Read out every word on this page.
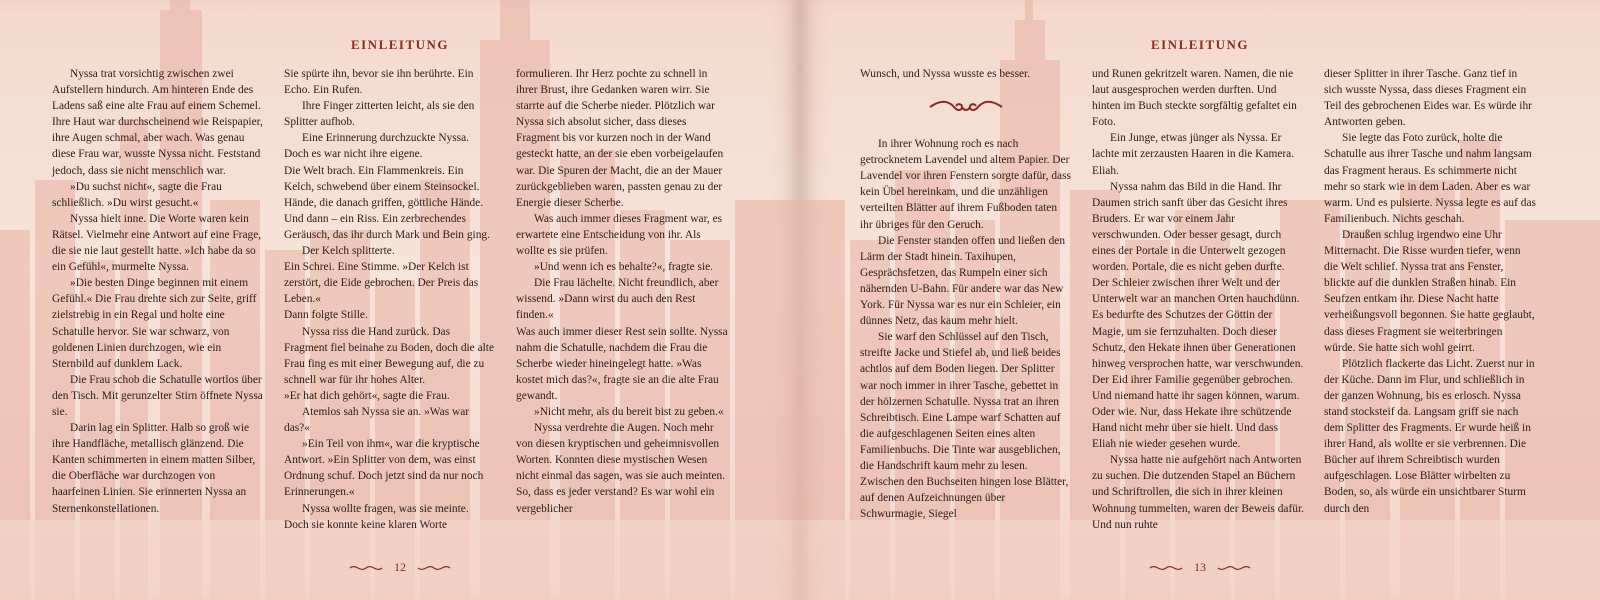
EINLEITUNG

Nyssa trat vorsichtig zwischen zwei Aufstellern hindurch. Am hinteren Ende des Ladens saß eine alte Frau auf einem Schemel. Ihre Haut war durchscheinend wie Reispapier, ihre Augen schmal, aber wach. Was genau diese Frau war, wusste Nyssa nicht. Feststand jedoch, dass sie nicht menschlich war.

»Du suchst nicht«, sagte die Frau schließlich. »Du wirst gesucht.«

Nyssa hielt inne. Die Worte waren kein Rätsel. Vielmehr eine Antwort auf eine Frage, die sie nie laut gestellt hatte. »Ich habe da so ein Gefühl«, murmelte Nyssa.

»Die besten Dinge beginnen mit einem Gefühl.« Die Frau drehte sich zur Seite, griff zielstrebig in ein Regal und holte eine Schatulle hervor. Sie war schwarz, von goldenen Linien durchzogen, wie ein Sternbild auf dunklem Lack.

Die Frau schob die Schatulle wortlos über den Tisch. Mit gerunzelter Stirn öffnete Nyssa sie.

Darin lag ein Splitter. Halb so groß wie ihre Handfläche, metallisch glänzend. Die Kanten schimmerten in einem matten Silber, die Oberfläche war durchzogen von haarfeinen Linien. Sie erinnerten Nyssa an Sternenkonstellationen.

Sie spürte ihn, bevor sie ihn berührte. Ein Echo. Ein Rufen.

Ihre Finger zitterten leicht, als sie den Splitter aufhob.

Eine Erinnerung durchzuckte Nyssa. Doch es war nicht ihre eigene.

Die Welt brach. Ein Flammenkreis. Ein Kelch, schwebend über einem Steinsockel. Hände, die danach griffen, göttliche Hände. Und dann – ein Riss. Ein zerbrechendes Geräusch, das ihr durch Mark und Bein ging.

Der Kelch splitterte.

Ein Schrei. Eine Stimme. »Der Kelch ist zerstört, die Eide gebrochen. Der Preis das Leben.«

Dann folgte Stille.

Nyssa riss die Hand zurück. Das Fragment fiel beinahe zu Boden, doch die alte Frau fing es mit einer Bewegung auf, die zu schnell war für ihr hohes Alter.

»Er hat dich gehört«, sagte die Frau.

Atemlos sah Nyssa sie an. »Was war das?«

»Ein Teil von ihm«, war die kryptische Antwort. »Ein Splitter von dem, was einst Ordnung schuf. Doch jetzt sind da nur noch Erinnerungen.«

Nyssa wollte fragen, was sie meinte. Doch sie konnte keine klaren Worte

formulieren. Ihr Herz pochte zu schnell in ihrer Brust, ihre Gedanken waren wirr. Sie starrte auf die Scherbe nieder. Plötzlich war Nyssa sich absolut sicher, dass dieses Fragment bis vor kurzen noch in der Wand gesteckt hatte, an der sie eben vorbeigelaufen war. Die Spuren der Macht, die an der Mauer zurückgeblieben waren, passten genau zu der Energie dieser Scherbe.

Was auch immer dieses Fragment war, es erwartete eine Entscheidung von ihr. Als wollte es sie prüfen.

»Und wenn ich es behalte?«, fragte sie.

Die Frau lächelte. Nicht freundlich, aber wissend. »Dann wirst du auch den Rest finden.«

Was auch immer dieser Rest sein sollte. Nyssa nahm die Schatulle, nachdem die Frau die Scherbe wieder hineingelegt hatte. »Was kostet mich das?«, fragte sie an die alte Frau gewandt.

»Nicht mehr, als du bereit bist zu geben.«

Nyssa verdrehte die Augen. Noch mehr von diesen kryptischen und geheimnisvollen Worten. Konnten diese mystischen Wesen nicht einmal das sagen, was sie auch meinten. So, dass es jeder verstand? Es war wohl ein vergeblicher

12
EINLEITUNG

Wunsch, und Nyssa wusste es besser.

In ihrer Wohnung roch es nach getrocknetem Lavendel und altem Papier. Der Lavendel vor ihren Fenstern sorgte dafür, dass kein Übel hereinkam, und die unzähligen verteilten Blätter auf ihrem Fußboden taten ihr übriges für den Geruch.

Die Fenster standen offen und ließen den Lärm der Stadt hinein. Taxihupen, Gesprächsfetzen, das Rumpeln einer sich nähernden U-Bahn. Für andere war das New York. Für Nyssa war es nur ein Schleier, ein dünnes Netz, das kaum mehr hielt.

Sie warf den Schlüssel auf den Tisch, streifte Jacke und Stiefel ab, und ließ beides achtlos auf dem Boden liegen. Der Splitter war noch immer in ihrer Tasche, gebettet in der hölzernen Schatulle. Nyssa trat an ihren Schreibtisch. Eine Lampe warf Schatten auf die aufgeschlagenen Seiten eines alten Familienbuchs. Die Tinte war ausgeblichen, die Handschrift kaum mehr zu lesen. Zwischen den Buchseiten hingen lose Blätter, auf denen Aufzeichnungen über Schwurmagie, Siegel

und Runen gekritzelt waren. Namen, die nie laut ausgesprochen werden durften. Und hinten im Buch steckte sorgfältig gefaltet ein Foto.

Ein Junge, etwas jünger als Nyssa. Er lachte mit zerzausten Haaren in die Kamera. Eliah.

Nyssa nahm das Bild in die Hand. Ihr Daumen strich sanft über das Gesicht ihres Bruders. Er war vor einem Jahr verschwunden. Oder besser gesagt, durch eines der Portale in die Unterwelt gezogen worden. Portale, die es nicht geben durfte. Der Schleier zwischen ihrer Welt und der Unterwelt war an manchen Orten hauchdünn. Es bedurfte des Schutzes der Göttin der Magie, um sie fernzuhalten. Doch dieser Schutz, den Hekate ihnen über Generationen hinweg versprochen hatte, war verschwunden. Der Eid ihrer Familie gegenüber gebrochen. Und niemand hatte ihr sagen können, warum. Oder wie. Nur, dass Hekate ihre schützende Hand nicht mehr über sie hielt. Und dass Eliah nie wieder gesehen wurde.

Nyssa hatte nie aufgehört nach Antworten zu suchen. Die dutzenden Stapel an Büchern und Schriftrollen, die sich in ihrer kleinen Wohnung tummelten, waren der Beweis dafür. Und nun ruhte

dieser Splitter in ihrer Tasche. Ganz tief in sich wusste Nyssa, dass dieses Fragment ein Teil des gebrochenen Eides war. Es würde ihr Antworten geben.

Sie legte das Foto zurück, holte die Schatulle aus ihrer Tasche und nahm langsam das Fragment heraus. Es schimmerte nicht mehr so stark wie in dem Laden. Aber es war warm. Und es pulsierte. Nyssa legte es auf das Familienbuch. Nichts geschah.

Draußen schlug irgendwo eine Uhr Mitternacht. Die Risse wurden tiefer, wenn die Welt schlief. Nyssa trat ans Fenster, blickte auf die dunklen Straßen hinab. Ein Seufzen entkam ihr. Diese Nacht hatte verheißungsvoll begonnen. Sie hatte geglaubt, dass dieses Fragment sie weiterbringen würde. Sie hatte sich wohl geirrt.

Plötzlich flackerte das Licht. Zuerst nur in der Küche. Dann im Flur, und schließlich in der ganzen Wohnung, bis es erlosch. Nyssa stand stocksteif da. Langsam griff sie nach dem Splitter des Fragments. Er wurde heiß in ihrer Hand, als wollte er sie verbrennen. Die Bücher auf ihrem Schreibtisch wurden aufgeschlagen. Lose Blätter wirbelten zu Boden, so, als würde ein unsichtbarer Sturm durch den

13
